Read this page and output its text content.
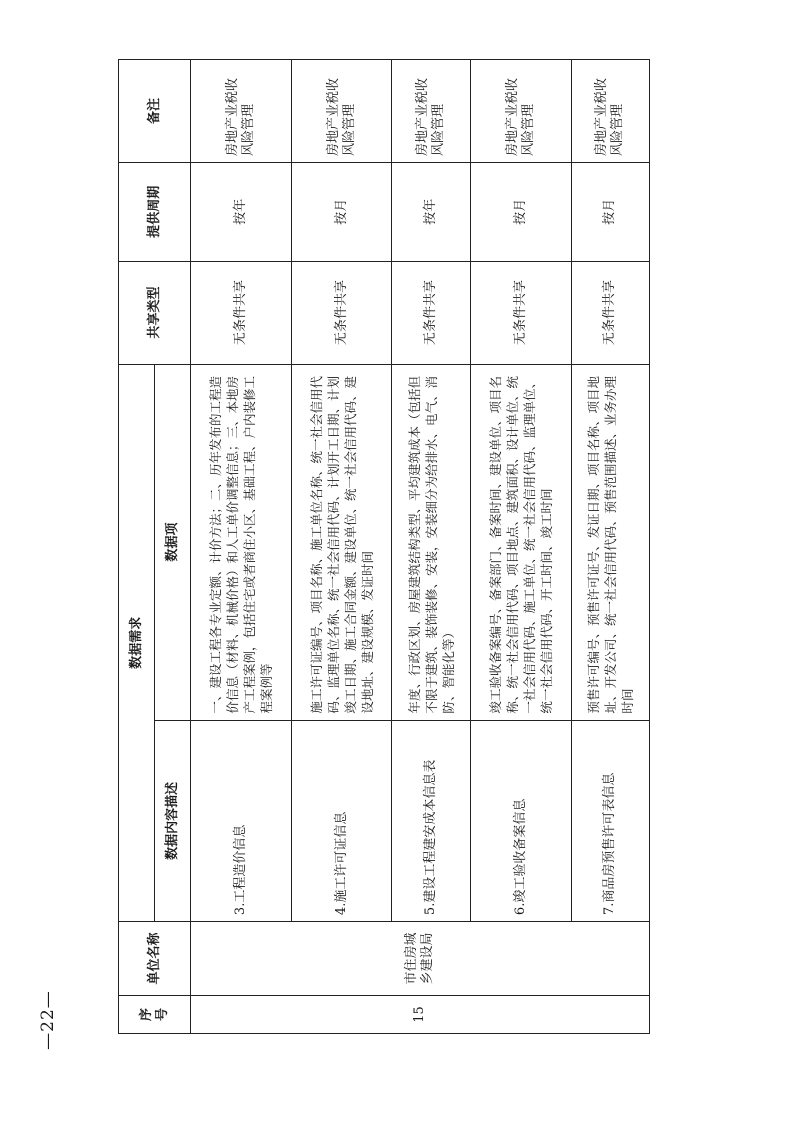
序号	单位名称	数据需求		共享类型	提供周期	备注
		数据内容描述	数据项			
15	市住房城乡建设局	3.工程造价信息	一、建设工程各专业定额、计价方法；二、历年发布的工程造价信息（材料、机械价格）和人工单价调整信息；三、本地房产工程案例，包括住宅或者商住小区、基础工程、户内装修工程案例等	无条件共享	按年	房地产业税收风险管理
		4.施工许可证信息	施工许可证编号、项目名称、施工单位名称、统一社会信用代码、监理单位名称、统一社会信用代码、计划开工日期、计划竣工日期、施工合同金额、建设单位、统一社会信用代码、建设地址、建设规模、发证时间	无条件共享	按月	房地产业税收风险管理
		5.建设工程建安成本信息表	年度、行政区划、房屋建筑结构类型、平均建筑成本（包括但不限于建筑、装饰装修、安装，安装细分为给排水、电气、消防、智能化等）	无条件共享	按年	房地产业税收风险管理
		6.竣工验收备案信息	竣工验收备案编号、备案部门、备案时间、建设单位、项目名称、统一社会信用代码、项目地点、建筑面积、设计单位、统一社会信用代码、施工单位、统一社会信用代码、监理单位、统一社会信用代码、开工时间、竣工时间	无条件共享	按月	房地产业税收风险管理
		7.商品房预售许可表信息	预售许可编号、预售许可证号、发证日期、项目名称、项目地址、开发公司、统一社会信用代码、预售范围描述、业务办理时间	无条件共享	按月	房地产业税收风险管理
—22—
